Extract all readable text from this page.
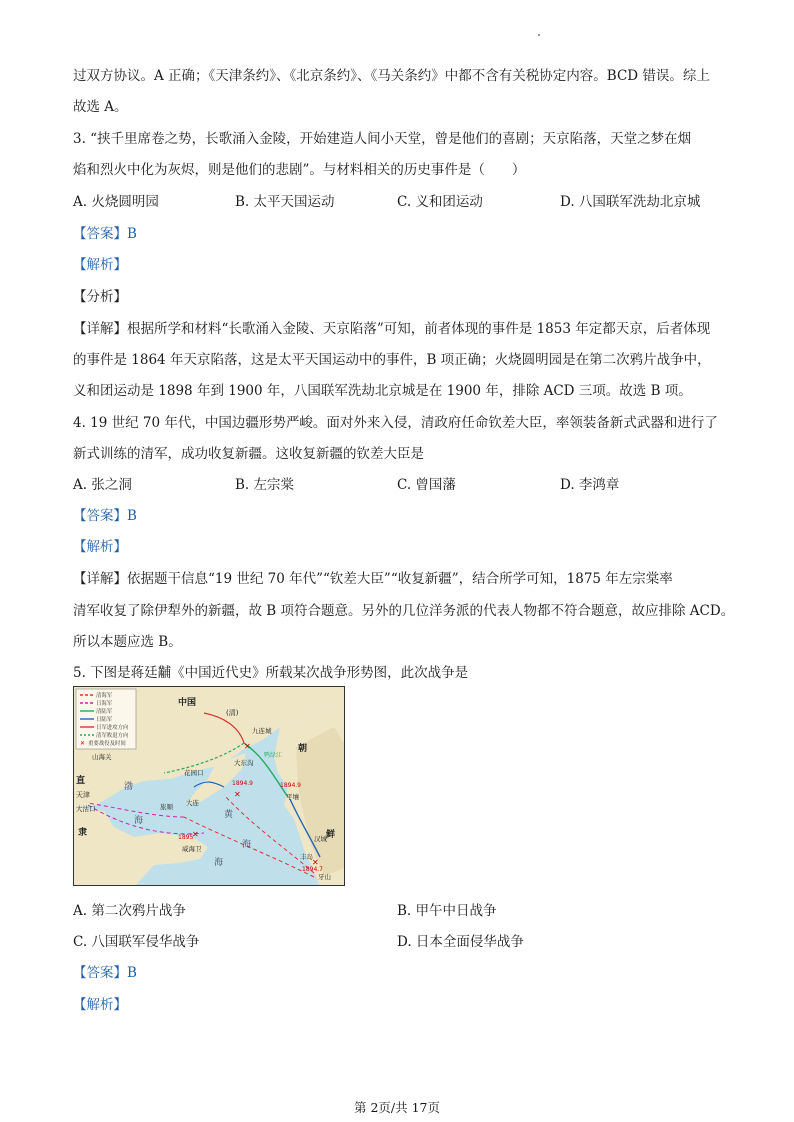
过双方协议。A 正确；《天津条约》、《北京条约》、《马关条约》中都不含有关税协定内容。BCD 错误。综上
故选 A。
3. “挟千里席卷之势，长歌涌入金陵，开始建造人间小天堂，曾是他们的喜剧；天京陷落，天堂之梦在烟
焰和烈火中化为灰烬，则是他们的悲剧”。与材料相关的历史事件是（　　）
A. 火烧圆明园	B. 太平天国运动	C. 义和团运动	D. 八国联军洗劫北京城
【答案】B
【解析】
【分析】
【详解】根据所学和材料“长歌涌入金陵、天京陷落”可知，前者体现的事件是 1853 年定都天京，后者体现
的事件是 1864 年天京陷落，这是太平天国运动中的事件，B 项正确；火烧圆明园是在第二次鸦片战争中，
义和团运动是 1898 年到 1900 年，八国联军洗劫北京城是在 1900 年，排除 ACD 三项。故选 B 项。
4. 19 世纪 70 年代，中国边疆形势严峻。面对外来入侵，清政府任命钦差大臣，率领装备新式武器和进行了
新式训练的清军，成功收复新疆。这收复新疆的钦差大臣是
A. 张之洞	B. 左宗棠	C. 曾国藩	D. 李鸿章
【答案】B
【解析】
【详解】依据题干信息“19 世纪 70 年代”“钦差大臣”“收复新疆”，结合所学可知，1875 年左宗棠率
清军收复了除伊犁外的新疆，故 B 项符合题意。另外的几位洋务派的代表人物都不符合题意，故应排除 ACD。
所以本题应选 B。
5. 下图是蒋廷黼《中国近代史》所载某次战争形势图，此次战争是
✕
清海军
日海军
清陆军
日陆军
日军进攻方向
清军败退方向
重要战役及时间
✕
✕
✕
✕
中国
(清)
九连城
朝
鲜
山海关
花园口
平壤
天津
直
隶
大沽口	旅顺 大连
黄
海
渤
海
威海卫
海
汉城
牙山
丰岛
1894.9	1894.9
1895
1894.7
大东沟
鸭绿江
A. 第二次鸦片战争	B. 甲午中日战争
C. 八国联军侵华战争	D. 日本全面侵华战争
【答案】B
【解析】
第 2页/共 17页
